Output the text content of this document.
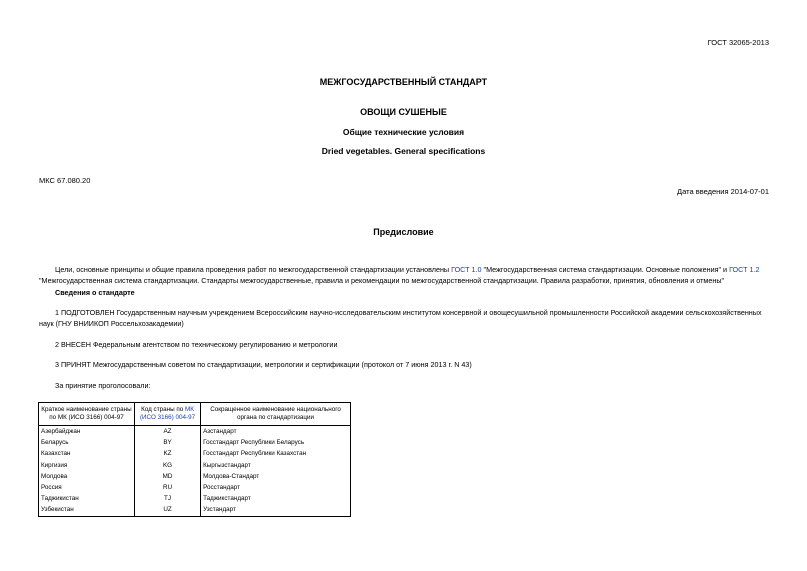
ГОСТ 32065-2013
МЕЖГОСУДАРСТВЕННЫЙ СТАНДАРТ
ОВОЩИ СУШЕНЫЕ
Общие технические условия
Dried vegetables. General specifications
МКС 67.080.20
Дата введения 2014-07-01
Предисловие
Цели, основные принципы и общие правила проведения работ по межгосударственной стандартизации установлены ГОСТ 1.0 "Межгосударственная система стандартизации. Основные положения" и ГОСТ 1.2 "Межгосударственная система стандартизации. Стандарты межгосударственные, правила и рекомендации по межгосударственной стандартизации. Правила разработки, принятия, обновления и отмены"
Сведения о стандарте
1 ПОДГОТОВЛЕН Государственным научным учреждением Всероссийским научно-исследовательским институтом консервной и овощесушильной промышленности Российской академии сельскохозяйственных наук (ГНУ ВНИИКОП Россельхозакадемии)
2 ВНЕСЕН Федеральным агентством по техническому регулированию и метрологии
3 ПРИНЯТ Межгосударственным советом по стандартизации, метрологии и сертификации (протокол от 7 июня 2013 г. N 43)
За принятие проголосовали:
Краткое наименование страны по МК (ИСО 3166) 004-97	Код страны по МК (ИСО 3166) 004-97	Сокращенное наименование национального органа по стандартизации
Азербайджан	AZ	Азстандарт
Беларусь	BY	Госстандарт Республики Беларусь
Казахстан	KZ	Госстандарт Республики Казахстан
Киргизия	KG	Кыргызстандарт
Молдова	MD	Молдова-Стандарт
Россия	RU	Росстандарт
Таджикистан	TJ	Таджикстандарт
Узбекистан	UZ	Узстандарт
